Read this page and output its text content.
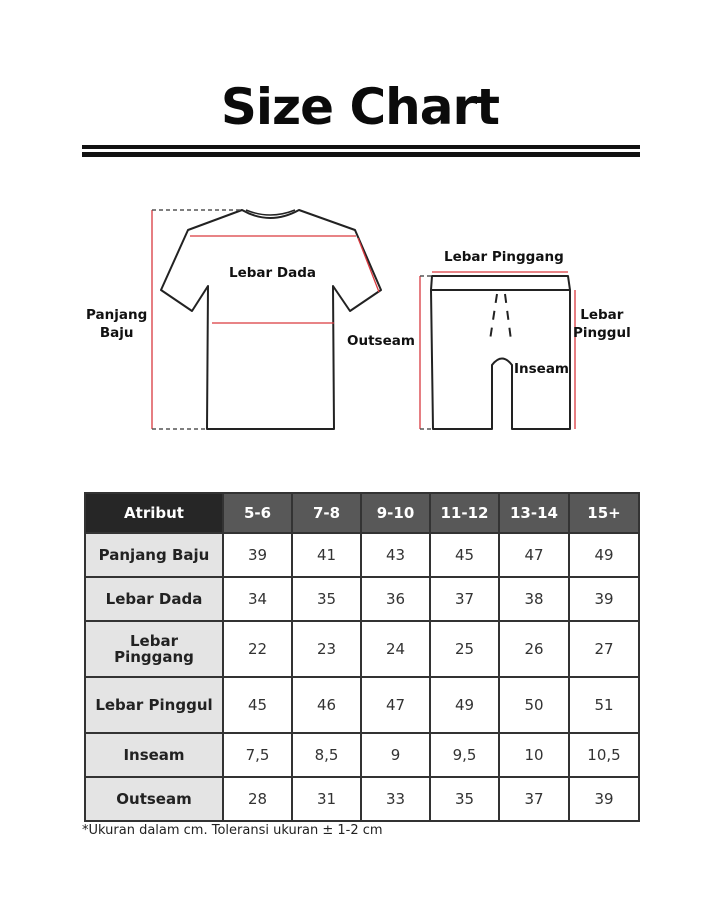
Size Chart
Panjang
Baju
Lebar Dada
Lebar Pinggang
Lebar
Pinggul
Outseam
Inseam
Atribut	5-6	7-8	9-10	11-12	13-14	15+
Panjang Baju	39	41	43	45	47	49
Lebar Dada	34	35	36	37	38	39
Lebar Pinggang	22	23	24	25	26	27
Lebar Pinggul	45	46	47	49	50	51
Inseam	7,5	8,5	9	9,5	10	10,5
Outseam	28	31	33	35	37	39
*Ukuran dalam cm. Toleransi ukuran ± 1-2 cm
